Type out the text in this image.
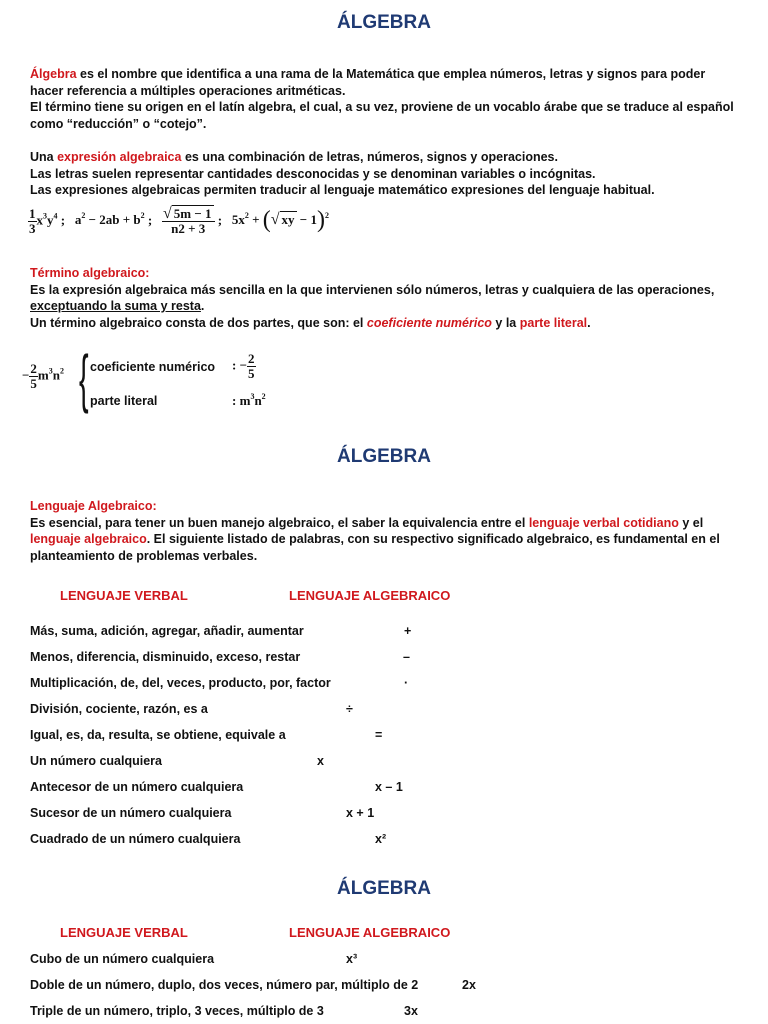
ÁLGEBRA

Álgebra es el nombre que identifica a una rama de la Matemática que emplea números, letras y signos para poder hacer referencia a múltiples operaciones aritméticas.
El término tiene su origen en el latín algebra, el cual, a su vez, proviene de un vocablo árabe que se traduce al español como “reducción” o “cotejo”.

Una expresión algebraica es una combinación de letras, números, signos y operaciones.
Las letras suelen representar cantidades desconocidas y se denominan variables o incógnitas.
Las expresiones algebraicas permiten traducir al lenguaje matemático expresiones del lenguaje habitual.

$\frac{1}{3} x^3y^4$ ; $a^2 - 2ab + b^2$ ; $\frac{√ 5m - 1}{n2 + 3}$ ; $5x^2$ + (√ xy − 1)$^2$

Término algebraico:
Es la expresión algebraica más sencilla en la que intervienen sólo números, letras y cualquiera de las operaciones,
exceptuando la suma y resta.
Un término algebraico consta de dos partes, que son: el coeficiente numérico y la parte literal.

− $\frac{2}{5} m^3n^2$ { coeficiente numérico : − $\frac{2}{5}$
parte literal	: $m^3n^2$
ÁLGEBRA

Lenguaje Algebraico:
Es esencial, para tener un buen manejo algebraico, el saber la equivalencia entre el lenguaje verbal cotidiano y el lenguaje algebraico. El siguiente listado de palabras, con su respectivo significado algebraico, es fundamental en el planteamiento de problemas verbales.

LENGUAJE VERBAL	LENGUAJE ALGEBRAICO
Más, suma, adición, agregar, añadir, aumentar	+
Menos, diferencia, disminuido, exceso, restar	–
Multiplicación, de, del, veces, producto, por, factor	·
División, cociente, razón, es a	÷
Igual, es, da, resulta, se obtiene, equivale a	=
Un número cualquiera	x
Antecesor de un número cualquiera	x – 1
Sucesor de un número cualquiera	x + 1
Cuadrado de un número cualquiera	x²
ÁLGEBRA
LENGUAJE VERBAL	LENGUAJE ALGEBRAICO
Cubo de un número cualquiera	x³
Doble de un número, duplo, dos veces, número par, múltiplo de 2	2x
Triple de un número, triplo, 3 veces, múltiplo de 3	3x
